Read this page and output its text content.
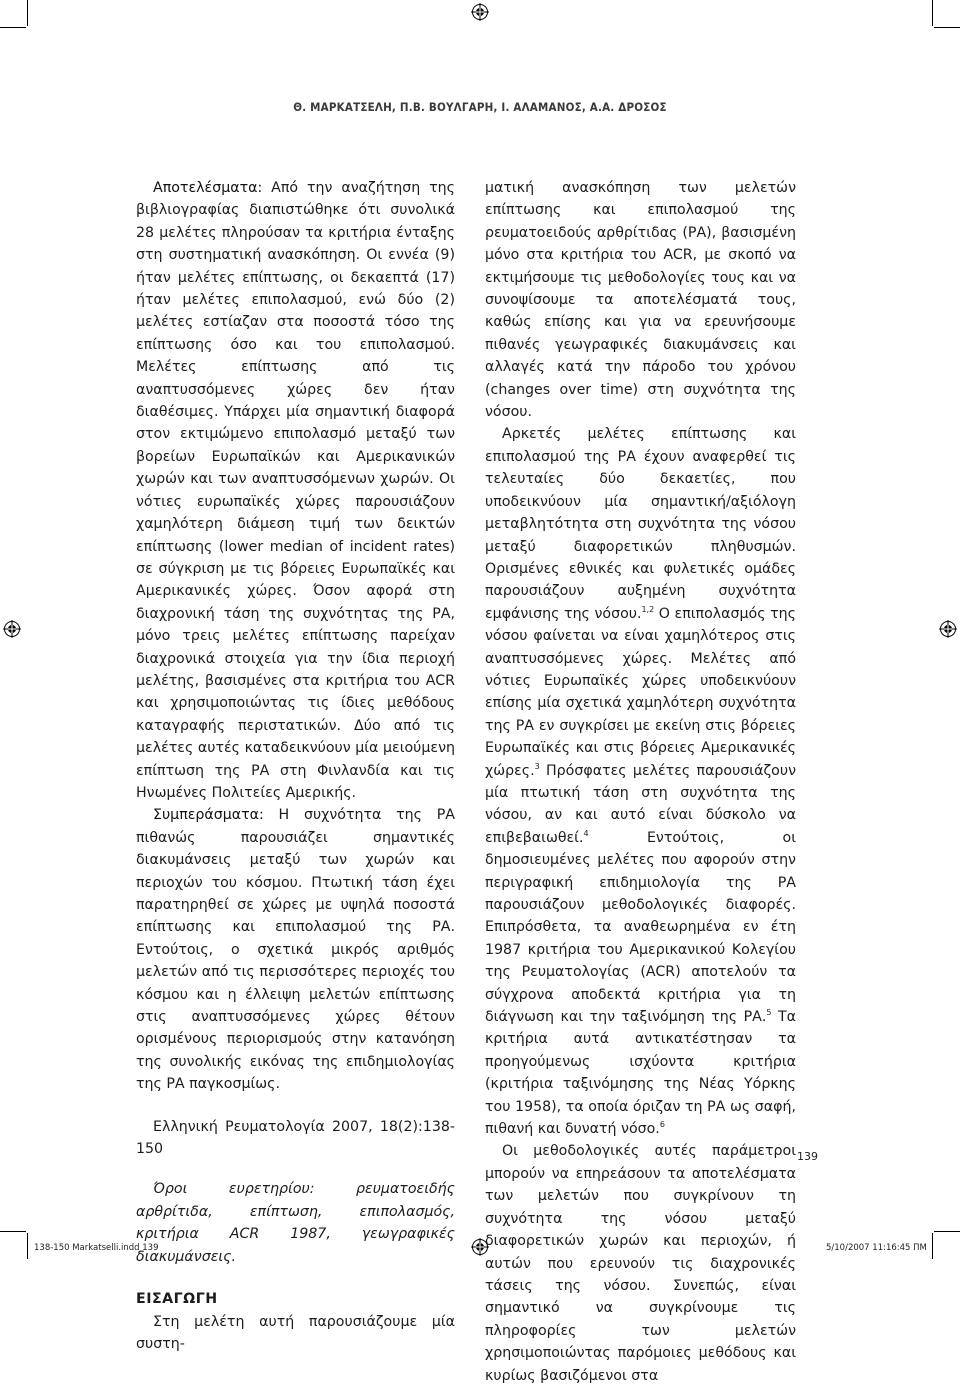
Θ. ΜΑΡΚΑΤΣΕΛΗ, Π.Β. ΒΟΥΛΓΑΡΗ, Ι. ΑΛΑΜΑΝΟΣ, Α.Α. ΔΡΟΣΟΣ

Αποτελέσματα: Από την αναζήτηση της βιβλιογραφίας διαπιστώθηκε ότι συνολικά 28 μελέτες πληρούσαν τα κριτήρια ένταξης στη συστηματική ανασκόπηση. Οι εννέα (9) ήταν μελέτες επίπτωσης, οι δεκαεπτά (17) ήταν μελέτες επιπολασμού, ενώ δύο (2) μελέτες εστίαζαν στα ποσοστά τόσο της επίπτωσης όσο και του επιπολασμού. Μελέτες επίπτωσης από τις αναπτυσσόμενες χώρες δεν ήταν διαθέσιμες. Υπάρχει μία σημαντική διαφορά στον εκτιμώμενο επιπολασμό μεταξύ των βορείων Ευρωπαϊκών και Αμερικανικών χωρών και των αναπτυσσόμενων χωρών. Οι νότιες ευρωπαϊκές χώρες παρουσιάζουν χαμηλότερη διάμεση τιμή των δεικτών επίπτωσης (lower median of incident rates) σε σύγκριση με τις βόρειες Ευρωπαϊκές και Αμερικανικές χώρες. Όσον αφορά στη διαχρονική τάση της συχνότητας της ΡΑ, μόνο τρεις μελέτες επίπτωσης παρείχαν διαχρονικά στοιχεία για την ίδια περιοχή μελέτης, βασισμένες στα κριτήρια του ACR και χρησιμοποιώντας τις ίδιες μεθόδους καταγραφής περιστατικών. Δύο από τις μελέτες αυτές καταδεικνύουν μία μειούμενη επίπτωση της ΡΑ στη Φινλανδία και τις Ηνωμένες Πολιτείες Αμερικής.

Συμπεράσματα: Η συχνότητα της ΡΑ πιθανώς παρουσιάζει σημαντικές διακυμάνσεις μεταξύ των χωρών και περιοχών του κόσμου. Πτωτική τάση έχει παρατηρηθεί σε χώρες με υψηλά ποσοστά επίπτωσης και επιπολασμού της ΡΑ. Εντούτοις, ο σχετικά μικρός αριθμός μελετών από τις περισσότερες περιοχές του κόσμου και η έλλειψη μελετών επίπτωσης στις αναπτυσσόμενες χώρες θέτουν ορισμένους περιορισμούς στην κατανόηση της συνολικής εικόνας της επιδημιολογίας της ΡΑ παγκοσμίως.

Ελληνική Ρευματολογία 2007, 18(2):138-150

Όροι ευρετηρίου: ρευματοειδής αρθρίτιδα, επίπτωση, επιπολασμός, κριτήρια ACR 1987, γεωγραφικές διακυμάνσεις.

ΕΙΣΑΓΩΓΗ

Στη μελέτη αυτή παρουσιάζουμε μία συστη-

ματική ανασκόπηση των μελετών επίπτωσης και επιπολασμού της ρευματοειδούς αρθρίτιδας (ΡΑ), βασισμένη μόνο στα κριτήρια του ACR, με σκοπό να εκτιμήσουμε τις μεθοδολογίες τους και να συνοψίσουμε τα αποτελέσματά τους, καθώς επίσης και για να ερευνήσουμε πιθανές γεωγραφικές διακυμάνσεις και αλλαγές κατά την πάροδο του χρόνου (changes over time) στη συχνότητα της νόσου.

Αρκετές μελέτες επίπτωσης και επιπολασμού της ΡΑ έχουν αναφερθεί τις τελευταίες δύο δεκαετίες, που υποδεικνύουν μία σημαντική/αξιόλογη μεταβλητότητα στη συχνότητα της νόσου μεταξύ διαφορετικών πληθυσμών. Ορισμένες εθνικές και φυλετικές ομάδες παρουσιάζουν αυξημένη συχνότητα εμφάνισης της νόσου.$^{1,2}$ Ο επιπολασμός της νόσου φαίνεται να είναι χαμηλότερος στις αναπτυσσόμενες χώρες. Μελέτες από νότιες Ευρωπαϊκές χώρες υποδεικνύουν επίσης μία σχετικά χαμηλότερη συχνότητα της ΡΑ εν συγκρίσει με εκείνη στις βόρειες Ευρωπαϊκές και στις βόρειες Αμερικανικές χώρες.$^3$ Πρόσφατες μελέτες παρουσιάζουν μία πτωτική τάση στη συχνότητα της νόσου, αν και αυτό είναι δύσκολο να επιβεβαιωθεί.$^4$ Εντούτοις, οι δημοσιευμένες μελέτες που αφορούν στην περιγραφική επιδημιολογία της ΡΑ παρουσιάζουν μεθοδολογικές διαφορές. Επιπρόσθετα, τα αναθεωρημένα εν έτη 1987 κριτήρια του Αμερικανικού Κολεγίου της Ρευματολογίας (ACR) αποτελούν τα σύγχρονα αποδεκτά κριτήρια για τη διάγνωση και την ταξινόμηση της ΡΑ.$^5$ Τα κριτήρια αυτά αντικατέστησαν τα προηγούμενως ισχύοντα κριτήρια (κριτήρια ταξινόμησης της Νέας Υόρκης του 1958), τα οποία όριζαν τη ΡΑ ως σαφή, πιθανή και δυνατή νόσο.$^6$

Οι μεθοδολογικές αυτές παράμετροι μπορούν να επηρεάσουν τα αποτελέσματα των μελετών που συγκρίνουν τη συχνότητα της νόσου μεταξύ διαφορετικών χωρών και περιοχών, ή αυτών που ερευνούν τις διαχρονικές τάσεις της νόσου. Συνεπώς, είναι σημαντικό να συγκρίνουμε τις πληροφορίες των μελετών χρησιμοποιώντας παρόμοιες μεθόδους και κυρίως βασιζόμενοι στα

139
138-150 Markatselli.indd 139	5/10/2007 11:16:45 ΠΜ
